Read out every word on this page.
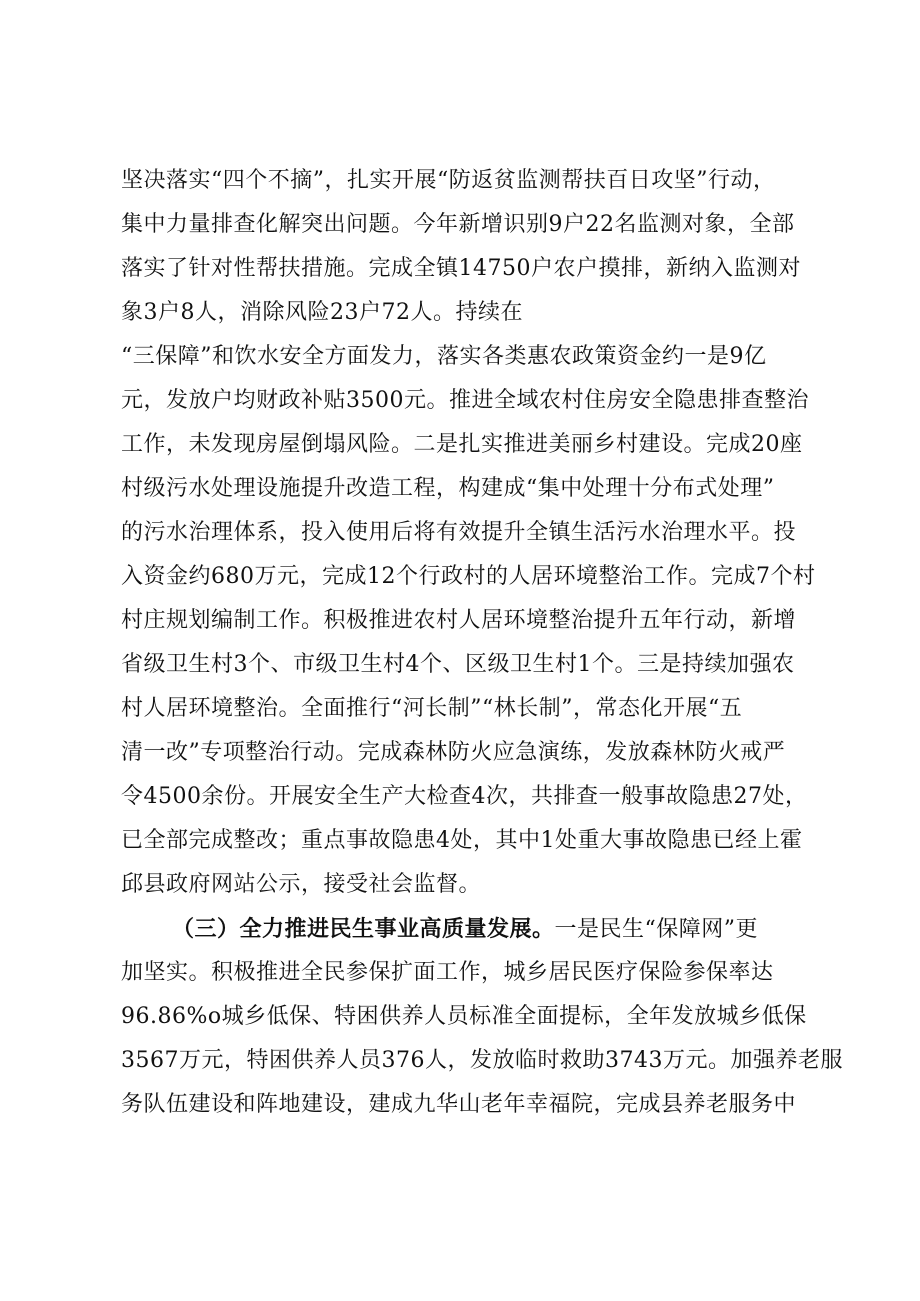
坚决落实“四个不摘”，扎实开展“防返贫监测帮扶百日攻坚”行动，
集中力量排查化解突出问题。今年新增识别9户22名监测对象，全部
落实了针对性帮扶措施。完成全镇14750户农户摸排，新纳入监测对
象3户8人，消除风险23户72人。持续在
“三保障”和饮水安全方面发力，落实各类惠农政策资金约一是9亿
元，发放户均财政补贴3500元。推进全域农村住房安全隐患排查整治
工作，未发现房屋倒塌风险。二是扎实推进美丽乡村建设。完成20座
村级污水处理设施提升改造工程，构建成“集中处理十分布式处理”
的污水治理体系，投入使用后将有效提升全镇生活污水治理水平。投
入资金约680万元，完成12个行政村的人居环境整治工作。完成7个村
村庄规划编制工作。积极推进农村人居环境整治提升五年行动，新增
省级卫生村3个、市级卫生村4个、区级卫生村1个。三是持续加强农
村人居环境整治。全面推行“河长制”“林长制”，常态化开展“五
清一改”专项整治行动。完成森林防火应急演练，发放森林防火戒严
令4500余份。开展安全生产大检查4次，共排查一般事故隐患27处，
已全部完成整改；重点事故隐患4处，其中1处重大事故隐患已经上霍
邱县政府网站公示，接受社会监督。
（三）全力推进民生事业高质量发展。一是民生“保障网”更
加坚实。积极推进全民参保扩面工作，城乡居民医疗保险参保率达
96.86%o城乡低保、特困供养人员标准全面提标，全年发放城乡低保
3567万元，特困供养人员376人，发放临时救助3743万元。加强养老服
务队伍建设和阵地建设，建成九华山老年幸福院，完成县养老服务中
